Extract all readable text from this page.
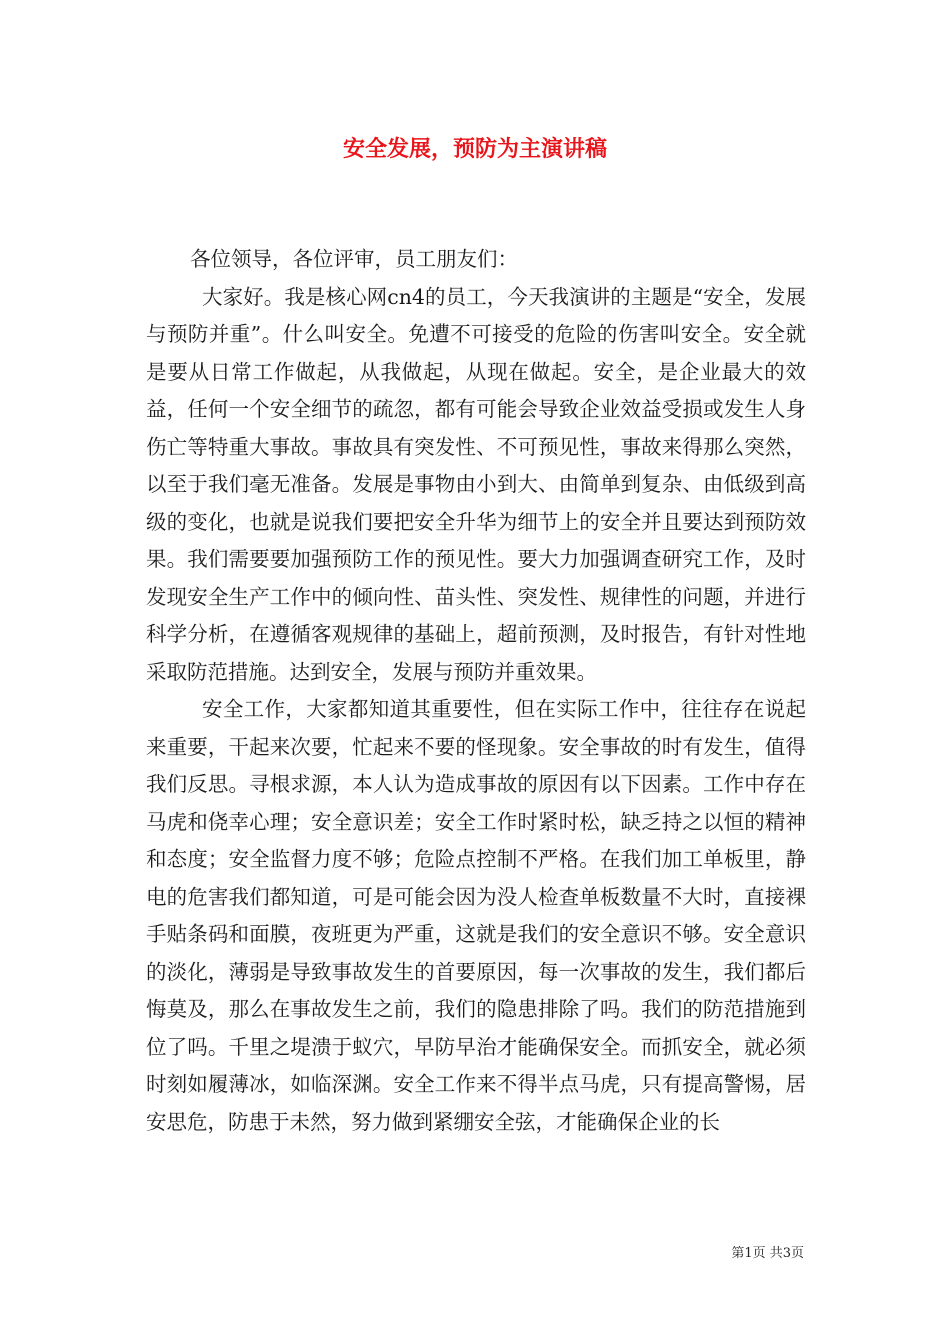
安全发展，预防为主演讲稿

各位领导，各位评审，员工朋友们：

大家好。我是核心网cn4的员工，今天我演讲的主题是“安全，发展与预防并重”。什么叫安全。免遭不可接受的危险的伤害叫安全。安全就是要从日常工作做起，从我做起，从现在做起。安全，是企业最大的效益，任何一个安全细节的疏忽，都有可能会导致企业效益受损或发生人身伤亡等特重大事故。事故具有突发性、不可预见性，事故来得那么突然，以至于我们毫无准备。发展是事物由小到大、由简单到复杂、由低级到高级的变化，也就是说我们要把安全升华为细节上的安全并且要达到预防效果。我们需要要加强预防工作的预见性。要大力加强调查研究工作，及时发现安全生产工作中的倾向性、苗头性、突发性、规律性的问题，并进行科学分析，在遵循客观规律的基础上，超前预测，及时报告，有针对性地采取防范措施。达到安全，发展与预防并重效果。

安全工作，大家都知道其重要性，但在实际工作中，往往存在说起来重要，干起来次要，忙起来不要的怪现象。安全事故的时有发生，值得我们反思。寻根求源，本人认为造成事故的原因有以下因素。工作中存在马虎和侥幸心理；安全意识差；安全工作时紧时松，缺乏持之以恒的精神和态度；安全监督力度不够；危险点控制不严格。在我们加工单板里，静电的危害我们都知道，可是可能会因为没人检查单板数量不大时，直接裸手贴条码和面膜，夜班更为严重，这就是我们的安全意识不够。安全意识的淡化，薄弱是导致事故发生的首要原因，每一次事故的发生，我们都后悔莫及，那么在事故发生之前，我们的隐患排除了吗。我们的防范措施到位了吗。千里之堤溃于蚁穴，早防早治才能确保安全。而抓安全，就必须时刻如履薄冰，如临深渊。安全工作来不得半点马虎，只有提高警惕，居安思危，防患于未然，努力做到紧绷安全弦，才能确保企业的长

第1页 共3页
